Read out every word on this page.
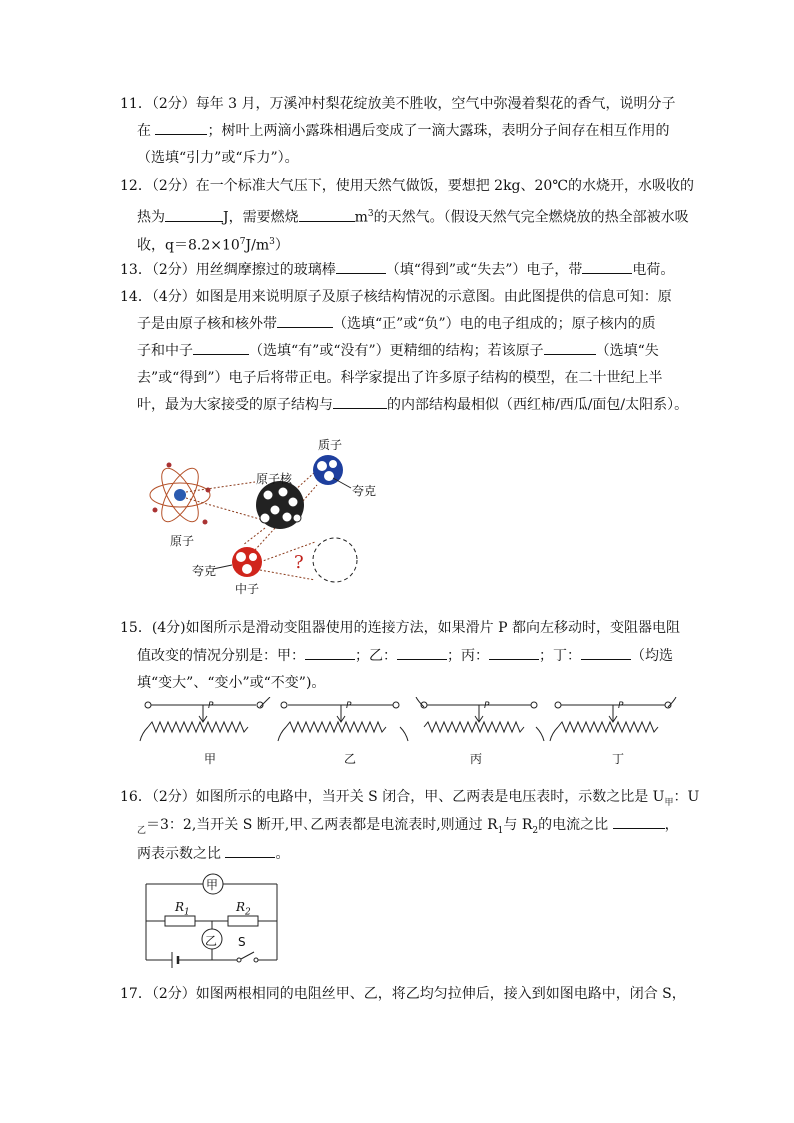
11．（2分）每年 3 月，万溪冲村梨花绽放美不胜收，空气中弥漫着梨花的香气，说明分子
在	；树叶上两滴小露珠相遇后变成了一滴大露珠，表明分子间存在相互作用的
（选填“引力”或“斥力”）。
12．（2分）在一个标准大气压下，使用天然气做饭，要想把 2kg、20℃的水烧开，水吸收的
热为	J，需要燃烧	$m^3$的天然气。（假设天然气完全燃烧放的热全部被水吸
收，$q=8.2\times 10^7J/m^3$）
13．（2分）用丝绸摩擦过的玻璃棒	（填“得到”或“失去”）电子，带	电荷。
14．（4分）如图是用来说明原子及原子核结构情况的示意图。由此图提供的信息可知：原
子是由原子核和核外带	（选填“正”或“负”）电的电子组成的；原子核内的质
子和中子	（选填“有”或“没有”）更精细的结构；若该原子	（选填“失
去”或“得到”）电子后将带正电。科学家提出了许多原子结构的模型，在二十世纪上半
叶，最为大家接受的原子结构与	的内部结构最相似（西红柿/西瓜/面包/太阳系）。
质子
原子核
夸克
原子
夸克
中子
?
15．(4分)如图所示是滑动变阻器使用的连接方法，如果滑片 P 都向左移动时，变阻器电阻
值改变的情况分别是：甲：	；乙：	；丙：	；丁：	（均选
填“变大”、“变小”或“不变”)。
P	P	P	P
甲	乙	丙	丁
16．（2分）如图所示的电路中，当开关 S 闭合，甲、乙两表是电压表时，示数之比是 $U_甲$：U
$_乙$＝3：2,当开关 S 断开,甲､乙两表都是电流表时,则通过 $R_1$与 $R_2$的电流之比	，
两表示数之比	。
甲
乙
$R_1$	$R_2$
S
17．（2分）如图两根相同的电阻丝甲、乙，将乙均匀拉伸后，接入到如图电路中，闭合 S，
